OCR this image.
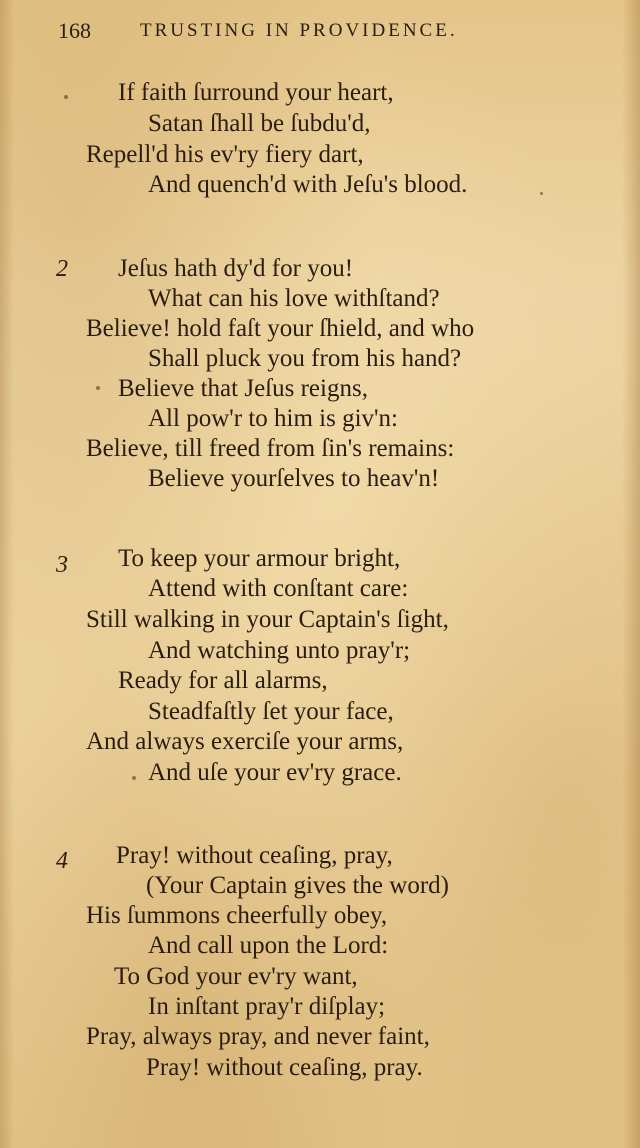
168	TRUSTING IN PROVIDENCE.
If faith ſurround your heart,
Satan ſhall be ſubdu'd,
Repell'd his ev'ry fiery dart,
And quench'd with Jeſu's blood.
2 Jeſus hath dy'd for you!
What can his love withſtand?
Believe! hold faſt your ſhield, and who
Shall pluck you from his hand?
Believe that Jeſus reigns,
All pow'r to him is giv'n:
Believe, till freed from ſin's remains:
Believe yourſelves to heav'n!
3 To keep your armour bright,
Attend with conſtant care:
Still walking in your Captain's ſight,
And watching unto pray'r;
Ready for all alarms,
Steadfaſtly ſet your face,
And always exerciſe your arms,
And uſe your ev'ry grace.
4 Pray! without ceaſing, pray,
(Your Captain gives the word)
His ſummons cheerfully obey,
And call upon the Lord:
To God your ev'ry want,
In inſtant pray'r diſplay;
Pray, always pray, and never faint,
Pray! without ceaſing, pray.
